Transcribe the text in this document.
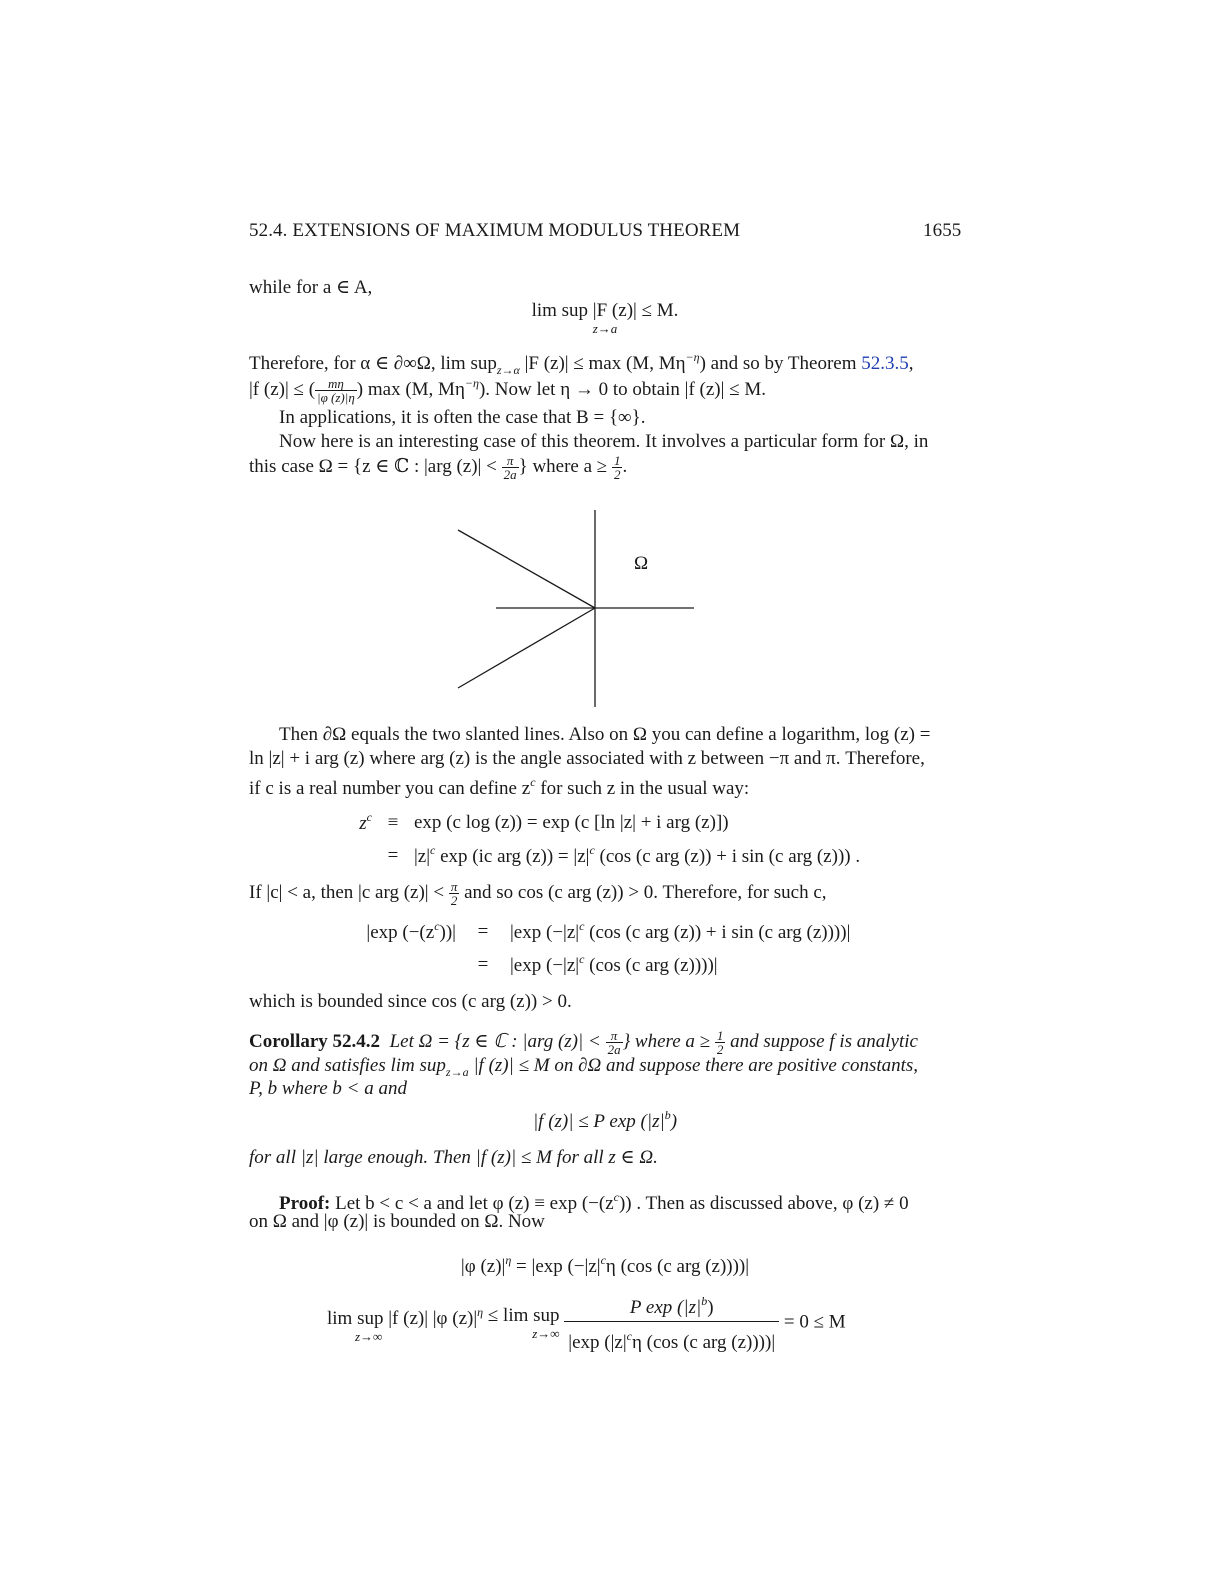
52.4. EXTENSIONS OF MAXIMUM MODULUS THEOREM	1655
while for a ∈ A,
lim sup |F (z)| ≤ M.
z→a
Therefore, for α ∈ ∂∞Ω, lim sup$_{z\to\alpha}$ |F (z)| ≤ max (M, $M\eta^{-\eta}$) and so by Theorem 52.3.5,
|f (z)| ≤ ( $\frac{m\eta}{|\varphi (z)|\eta}$ ) max (M, $M\eta^{-\eta}$). Now let η → 0 to obtain |f (z)| ≤ M.
In applications, it is often the case that B = {∞}.
Now here is an interesting case of this theorem. It involves a particular form for Ω, in
this case Ω = {z ∈ ℂ : |arg $(z)| < \frac{\pi}{2a}$ } where $a \ge \frac{1}{2}$ .
Ω
Then ∂Ω equals the two slanted lines. Also on Ω you can define a logarithm, log (z) =
ln |z| + i arg (z) where arg (z) is the angle associated with z between −π and π. Therefore,
if c is a real number you can define $z^c$ for such z in the usual way:
$z^c$	≡	exp (c log (z)) = exp (c [ln |z| + i arg (z)])
	=	$|z|^c$ exp (ic arg $(z)) = |z|^c$ (cos (c arg (z)) + i sin (c arg (z))) .
If |c| < a, then |c arg $(z)| < \frac{\pi}{2}$ and so cos (c arg (z)) > 0. Therefore, for such c,
|exp $(-(z^c))|$	=	|exp ($-|z|^c$ (cos (c arg (z)) + i sin (c arg (z))))|
	=	|exp ($-|z|^c$ (cos (c arg (z))))|
which is bounded since cos (c arg (z)) > 0.
Corollary 52.4.2 Let Ω = {z ∈ ℂ : |arg $(z)| < \frac{\pi}{2a}$ } where $a \ge \frac{1}{2}$ and suppose f is analytic
on Ω and satisfies lim sup$_{z\to a}$ |f (z)| ≤ M on ∂Ω and suppose there are positive constants,
P, b where b < a and
|f (z)| ≤ P $\exp (|z|^b)$
for all |z| large enough. Then |f (z)| ≤ M for all z ∈ Ω.
Proof: Let b < c < a and let φ $(z) \equiv \exp (-(z^c))$ . Then as discussed above, φ (z) ≠ 0
on Ω and |φ (z)| is bounded on Ω. Now
|φ $(z)|^\eta = |\exp$ ($-|z|^c\eta$ (cos (c arg (z))))|
lim sup |f (z)| |φ $(z)|^\eta$
z→∞
≤ lim sup
z→∞
$\frac{P \exp (|z|^b)}{|\exp (|z|^c\eta (\cos (c arg (z))))|} = 0 \le M$
